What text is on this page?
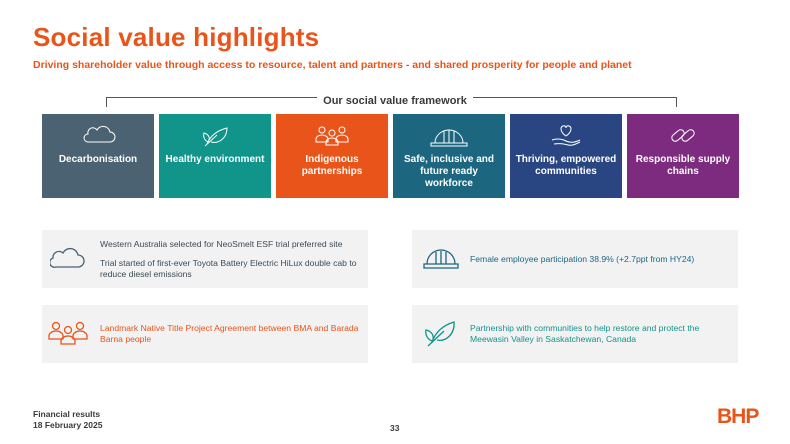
Social value highlights
Driving shareholder value through access to resource, talent and partners - and shared prosperity for people and planet
Our social value framework
Decarbonisation	Healthy environment	Indigenous partnerships
Safe, inclusive and future ready workforce
Thriving, empowered communities
Responsible supply chains
Western Australia selected for NeoSmelt ESF trial preferred site
Trial started of first-ever Toyota Battery Electric HiLux double cab to reduce diesel emissions
Female employee participation 38.9% (+2.7ppt from HY24)
Landmark Native Title Project Agreement between BMA and Barada Barna people
Partnership with communities to help restore and protect the Meewasin Valley in Saskatchewan, Canada
Financial results
18 February 2025	33	BHP
